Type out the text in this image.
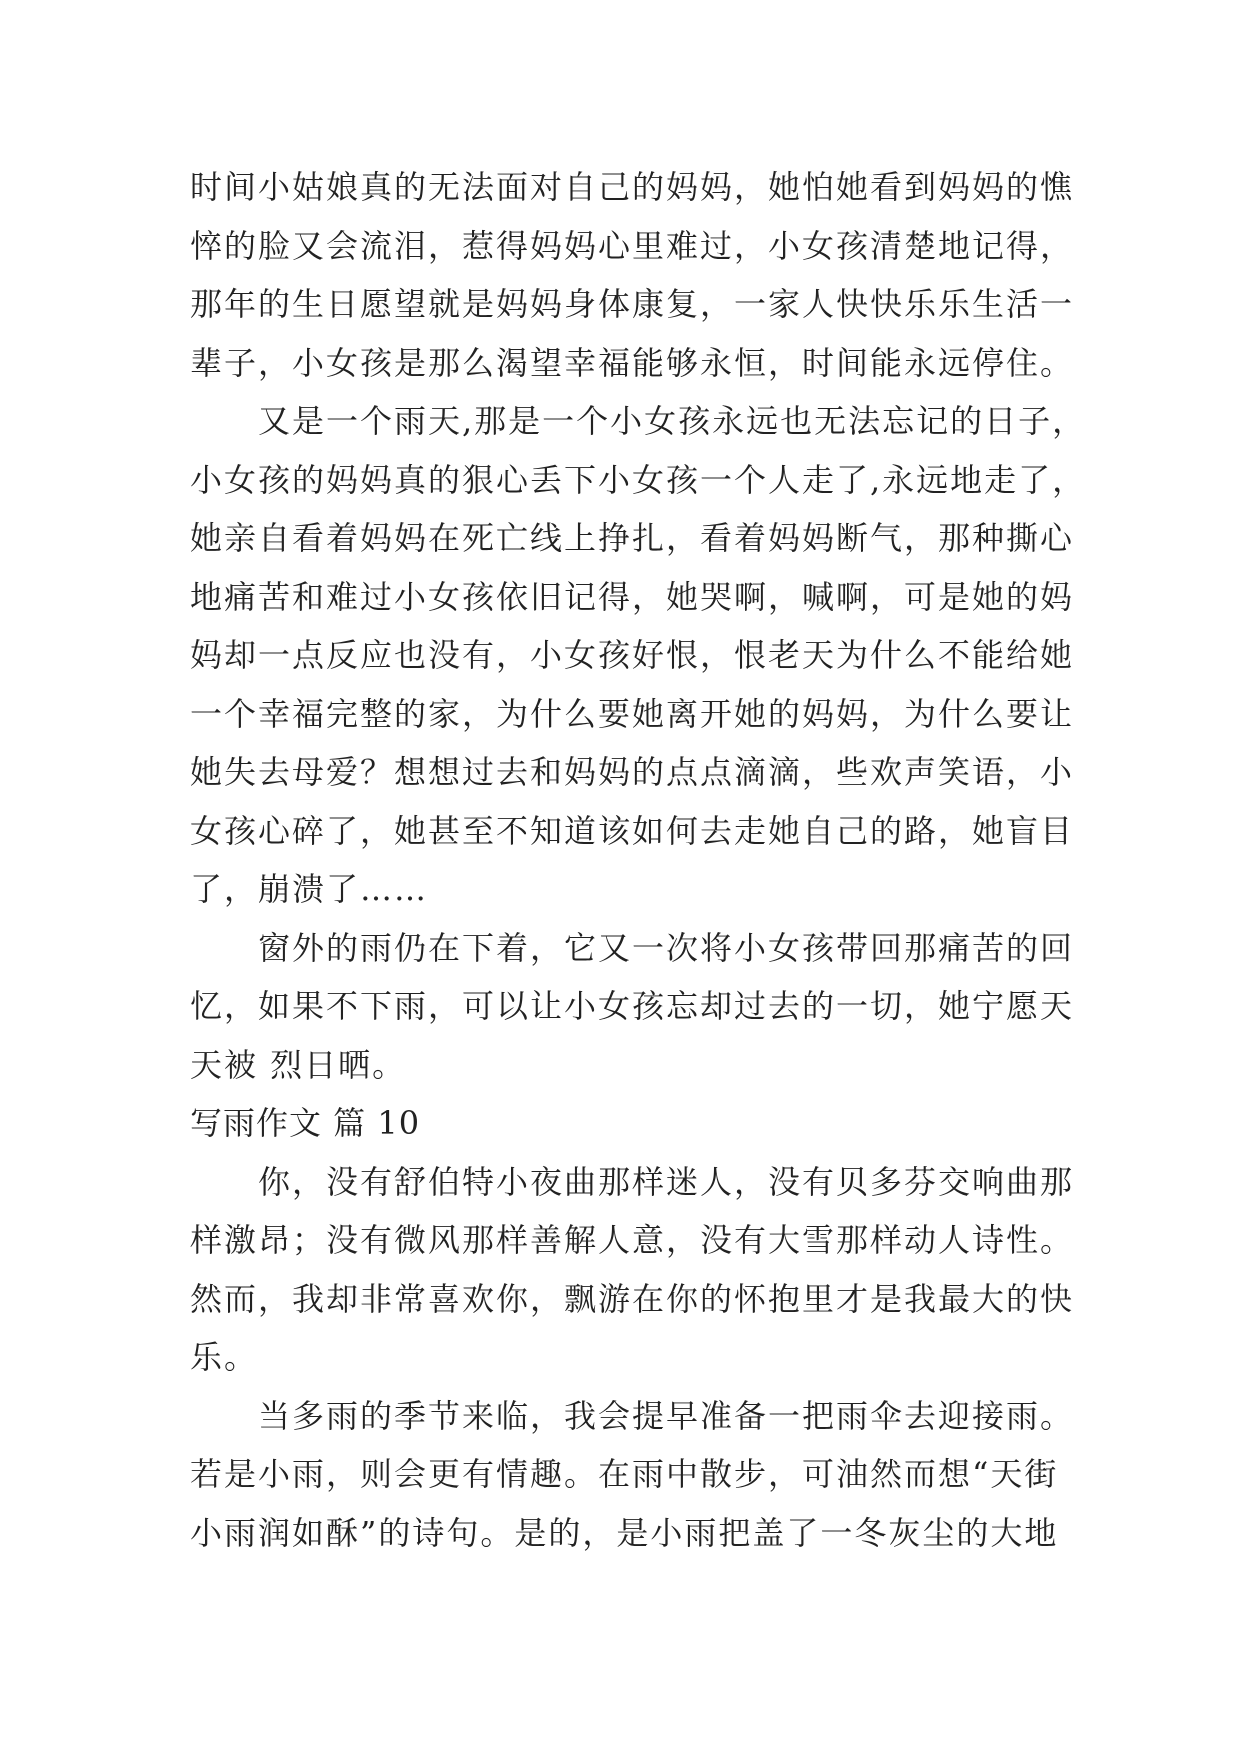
时间小姑娘真的无法面对自己的妈妈，她怕她看到妈妈的憔
悴的脸又会流泪，惹得妈妈心里难过，小女孩清楚地记得，
那年的生日愿望就是妈妈身体康复，一家人快快乐乐生活一
辈子，小女孩是那么渴望幸福能够永恒，时间能永远停住。
　　又是一个雨天,那是一个小女孩永远也无法忘记的日子，
小女孩的妈妈真的狠心丢下小女孩一个人走了,永远地走了，
她亲自看着妈妈在死亡线上挣扎，看着妈妈断气，那种撕心
地痛苦和难过小女孩依旧记得，她哭啊，喊啊，可是她的妈
妈却一点反应也没有，小女孩好恨，恨老天为什么不能给她
一个幸福完整的家，为什么要她离开她的妈妈，为什么要让
她失去母爱？想想过去和妈妈的点点滴滴，些欢声笑语，小
女孩心碎了，她甚至不知道该如何去走她自己的路，她盲目
了，崩溃了……
　　窗外的雨仍在下着，它又一次将小女孩带回那痛苦的回
忆，如果不下雨，可以让小女孩忘却过去的一切，她宁愿天
天被 烈日晒。
写雨作文 篇 10
　　你，没有舒伯特小夜曲那样迷人，没有贝多芬交响曲那
样激昂；没有微风那样善解人意，没有大雪那样动人诗性。
然而，我却非常喜欢你，飘游在你的怀抱里才是我最大的快
乐。
　　当多雨的季节来临，我会提早准备一把雨伞去迎接雨。
若是小雨，则会更有情趣。在雨中散步，可油然而想“天街
小雨润如酥”的诗句。是的，是小雨把盖了一冬灰尘的大地
